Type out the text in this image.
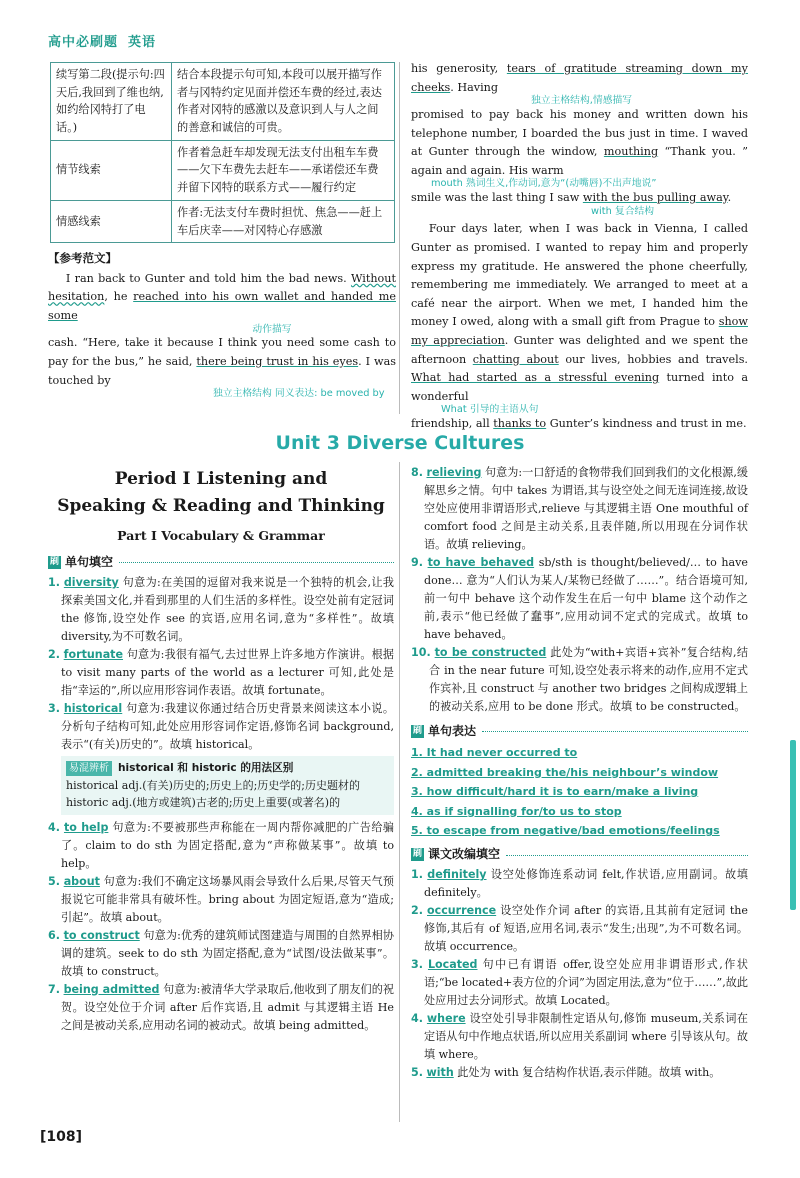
高中必刷题 英语
续写第二段(提示句:四天后,我回到了维也纳,如约给冈特打了电话。)	结合本段提示句可知,本段可以展开描写作者与冈特约定见面并偿还车费的经过,表达作者对冈特的感激以及意识到人与人之间的善意和诚信的可贵。
情节线索	作者着急赶车却发现无法支付出租车车费——欠下车费先去赶车——承诺偿还车费并留下冈特的联系方式——履行约定
情感线索	作者:无法支付车费时担忧、焦急——赶上车后庆幸——对冈特心存感激
【参考范文】
I ran back to Gunter and told him the bad news. Without hesitation, he reached into his own wallet and handed me some
动作描写
cash. “Here, take it because I think you need some cash to pay for the bus,” he said, there being trust in his eyes. I was touched by
独立主格结构 同义表达: be moved by
his generosity, tears of gratitude streaming down my cheeks. Having
独立主格结构,情感描写
promised to pay back his money and written down his telephone number, I boarded the bus just in time. I waved at Gunter through the window, mouthing “Thank you. ” again and again. His warm
mouth 熟词生义,作动词,意为“(动嘴唇)不出声地说”
smile was the last thing I saw with the bus pulling away.
with 复合结构
Four days later, when I was back in Vienna, I called Gunter as promised. I wanted to repay him and properly express my gratitude. He answered the phone cheerfully, remembering me immediately. We arranged to meet at a café near the airport. When we met, I handed him the money I owed, along with a small gift from Prague to show my appreciation. Gunter was delighted and we spent the afternoon chatting about our lives, hobbies and travels. What had started as a stressful evening turned into a wonderful
What 引导的主语从句
friendship, all thanks to Gunter’s kindness and trust in me.
Unit 3 Diverse Cultures
Period Ⅰ Listening and
Speaking & Reading and Thinking
Part Ⅰ Vocabulary & Grammar
刷 单句填空

1. diversity 句意为:在美国的逗留对我来说是一个独特的机会,让我探索美国文化,并看到那里的人们生活的多样性。设空处前有定冠词 the 修饰,设空处作 see 的宾语,应用名词,意为“多样性”。故填 diversity,为不可数名词。

2. fortunate 句意为:我很有福气,去过世界上许多地方作演讲。根据 to visit many parts of the world as a lecturer 可知,此处是指“幸运的”,所以应用形容词作表语。故填 fortunate。

3. historical 句意为:我建议你通过结合历史背景来阅读这本小说。分析句子结构可知,此处应用形容词作定语,修饰名词 background,表示“(有关)历史的”。故填 historical。

易混辨析 historical 和 historic 的用法区别
historical adj.(有关)历史的;历史上的;历史学的;历史题材的
historic adj.(地方或建筑)古老的;历史上重要(或著名)的

4. to help 句意为:不要被那些声称能在一周内帮你减肥的广告给骗了。claim to do sth 为固定搭配,意为“声称做某事”。故填 to help。

5. about 句意为:我们不确定这场暴风雨会导致什么后果,尽管天气预报说它可能非常具有破坏性。bring about 为固定短语,意为“造成;引起”。故填 about。

6. to construct 句意为:优秀的建筑师试图建造与周围的自然界相协调的建筑。seek to do sth 为固定搭配,意为“试图/设法做某事”。故填 to construct。

7. being admitted 句意为:被清华大学录取后,他收到了朋友们的祝贺。设空处位于介词 after 后作宾语,且 admit 与其逻辑主语 He 之间是被动关系,应用动名词的被动式。故填 being admitted。

8. relieving 句意为:一口舒适的食物带我们回到我们的文化根源,缓解思乡之情。句中 takes 为谓语,其与设空处之间无连词连接,故设空处应使用非谓语形式,relieve 与其逻辑主语 One mouthful of comfort food 之间是主动关系,且表伴随,所以用现在分词作状语。故填 relieving。

9. to have behaved sb/sth is thought/believed/… to have done… 意为“人们认为某人/某物已经做了……”。结合语境可知,前一句中 behave 这个动作发生在后一句中 blame 这个动作之前,表示“他已经做了蠢事”,应用动词不定式的完成式。故填 to have behaved。

10. to be constructed 此处为“with+宾语+宾补”复合结构,结合 in the near future 可知,设空处表示将来的动作,应用不定式作宾补,且 construct 与 another two bridges 之间构成逻辑上的被动关系,应用 to be done 形式。故填 to be constructed。

刷 单句表达

1. It had never occurred to

2. admitted breaking the/his neighbour’s window

3. how difficult/hard it is to earn/make a living

4. as if signalling for/to us to stop

5. to escape from negative/bad emotions/feelings

刷 课文改编填空

1. definitely 设空处修饰连系动词 felt,作状语,应用副词。故填 definitely。

2. occurrence 设空处作介词 after 的宾语,且其前有定冠词 the 修饰,其后有 of 短语,应用名词,表示“发生;出现”,为不可数名词。故填 occurrence。

3. Located 句中已有谓语 offer,设空处应用非谓语形式,作状语;“be located+表方位的介词”为固定用法,意为“位于……”,故此处应用过去分词形式。故填 Located。

4. where 设空处引导非限制性定语从句,修饰 museum,关系词在定语从句中作地点状语,所以应用关系副词 where 引导该从句。故填 where。

5. with 此处为 with 复合结构作状语,表示伴随。故填 with。

[108]
